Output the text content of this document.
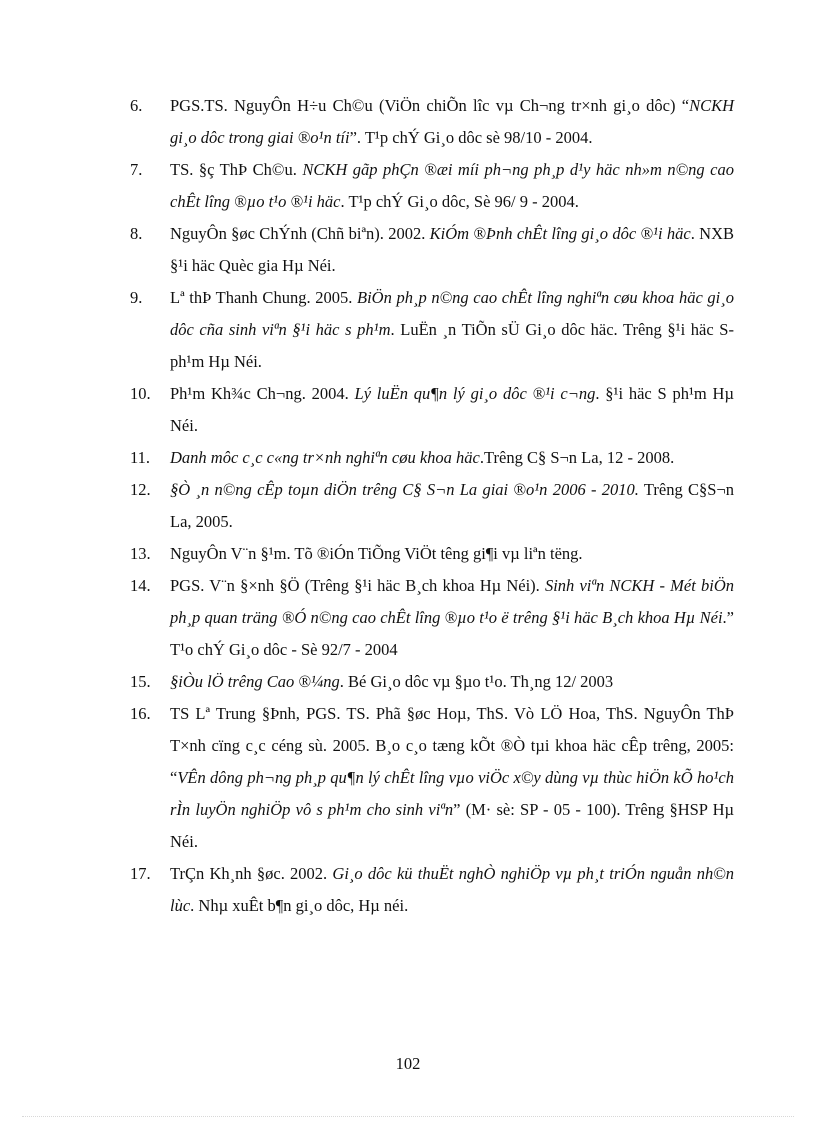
6.	PGS.TS. NguyÔn H÷u Ch©u (ViÖn chiÕn lîc vµ Ch¬ng tr×nh gi¸o dôc) “NCKH gi¸o dôc trong giai ®o¹n tíi”. T¹p chÝ Gi¸o dôc sè 98/10 - 2004.
7.	TS. §ç ThÞ Ch©u. NCKH gãp phÇn ®æi míi ph¬ng ph¸p d¹y häc nh»m n©ng cao chÊt lîng ®µo t¹o ®¹i häc. T¹p chÝ Gi¸o dôc, Sè 96/ 9 - 2004.
8.	NguyÔn §øc ChÝnh (Chñ biªn). 2002. KiÓm ®Þnh chÊt lîng gi¸o dôc ®¹i häc. NXB §¹i häc Quèc gia Hµ Néi.
9.	Lª thÞ Thanh Chung. 2005. BiÖn ph¸p n©ng cao chÊt lîng nghiªn cøu khoa häc gi¸o dôc cña sinh viªn §¹i häc s ph¹m. LuËn ¸n TiÕn sÜ Gi¸o dôc häc. Trêng §¹i häc S ph¹m Hµ Néi.
10.	Ph¹m Kh¾c Ch¬ng. 2004. Lý luËn qu¶n lý gi¸o dôc ®¹i c¬ng. §¹i häc S ph¹m Hµ Néi.
11.	Danh môc c¸c c«ng tr×nh nghiªn cøu khoa häc.Trêng C§ S¬n La, 12 - 2008.
12.	§Ò ¸n n©ng cÊp toµn diÖn trêng C§ S¬n La giai ®o¹n 2006 - 2010. Trêng C§S¬n La, 2005.
13.	NguyÔn V¨n §¹m. Tõ ®iÓn TiÕng ViÖt têng gi¶i vµ liªn tëng.
14.	PGS. V¨n §×nh §Ö (Trêng §¹i häc B¸ch khoa Hµ Néi). Sinh viªn NCKH - Mét biÖn ph¸p quan träng ®Ó n©ng cao chÊt lîng ®µo t¹o ë trêng §¹i häc B¸ch khoa Hµ Néi.” T¹o chÝ Gi¸o dôc - Sè 92/7 - 2004
15.	§iÒu lÖ trêng Cao ®¼ng. Bé Gi¸o dôc vµ §µo t¹o. Th¸ng 12/ 2003
16.	TS Lª Trung §Þnh, PGS. TS. Phã §øc Hoµ, ThS. Vò LÖ Hoa, ThS. NguyÔn ThÞ T×nh cïng c¸c céng sù. 2005. B¸o c¸o tæng kÕt ®Ò tµi khoa häc cÊp trêng, 2005: “VÊn dông ph¬ng ph¸p qu¶n lý chÊt lîng vµo viÖc x©y dùng vµ thùc hiÖn kÕ ho¹ch rÌn luyÖn nghiÖp vô s ph¹m cho sinh viªn” (M· sè: SP - 05 - 100). Trêng §HSP Hµ Néi.
17.	TrÇn Kh¸nh §øc. 2002. Gi¸o dôc kü thuËt nghÒ nghiÖp vµ ph¸t triÓn nguån nh©n lùc. Nhµ xuÊt b¶n gi¸o dôc, Hµ néi.
102
